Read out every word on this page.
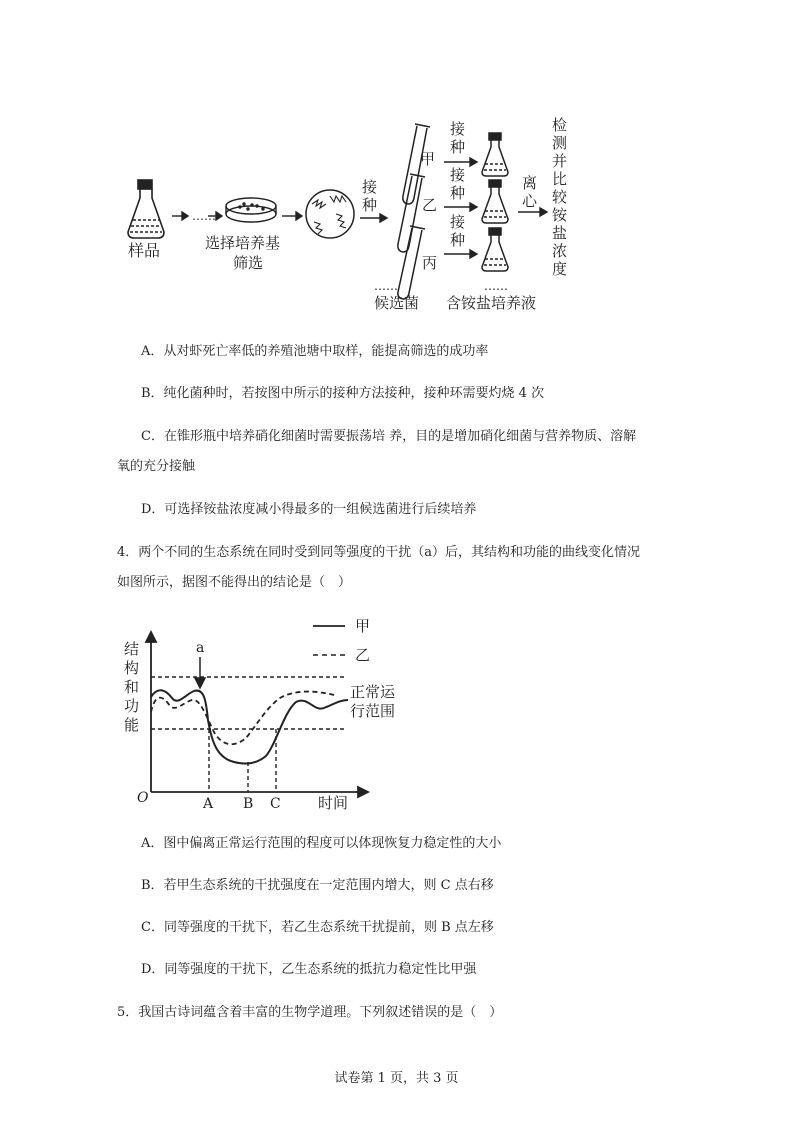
样品
……
选择培养基
筛选
接
种
甲
乙
丙
……
候选菌
接
种
接
种
接
种
……
含铵盐培养液
离
心
检
测
并
比
较
铵
盐
浓
度
A．从对虾死亡率低的养殖池塘中取样，能提高筛选的成功率
B．纯化菌种时，若按图中所示的接种方法接种，接种环需要灼烧 4 次
C．在锥形瓶中培养硝化细菌时需要振荡培 养，目的是增加硝化细菌与营养物质、溶解
氧的充分接触
D．可选择铵盐浓度减小得最多的一组候选菌进行后续培养
4．两个不同的生态系统在同时受到同等强度的干扰（a）后，其结构和功能的曲线变化情况
如图所示，据图不能得出的结论是（　）
甲
乙
结
构
和
功
能
时间
O
正常运
行范围
a
A B C
A．图中偏离正常运行范围的程度可以体现恢复力稳定性的大小
B．若甲生态系统的干扰强度在一定范围内增大，则 C 点右移
C．同等强度的干扰下，若乙生态系统干扰提前，则 B 点左移
D．同等强度的干扰下，乙生态系统的抵抗力稳定性比甲强
5．我国古诗词蕴含着丰富的生物学道理。下列叙述错误的是（　）
试卷第 1 页，共 3 页
